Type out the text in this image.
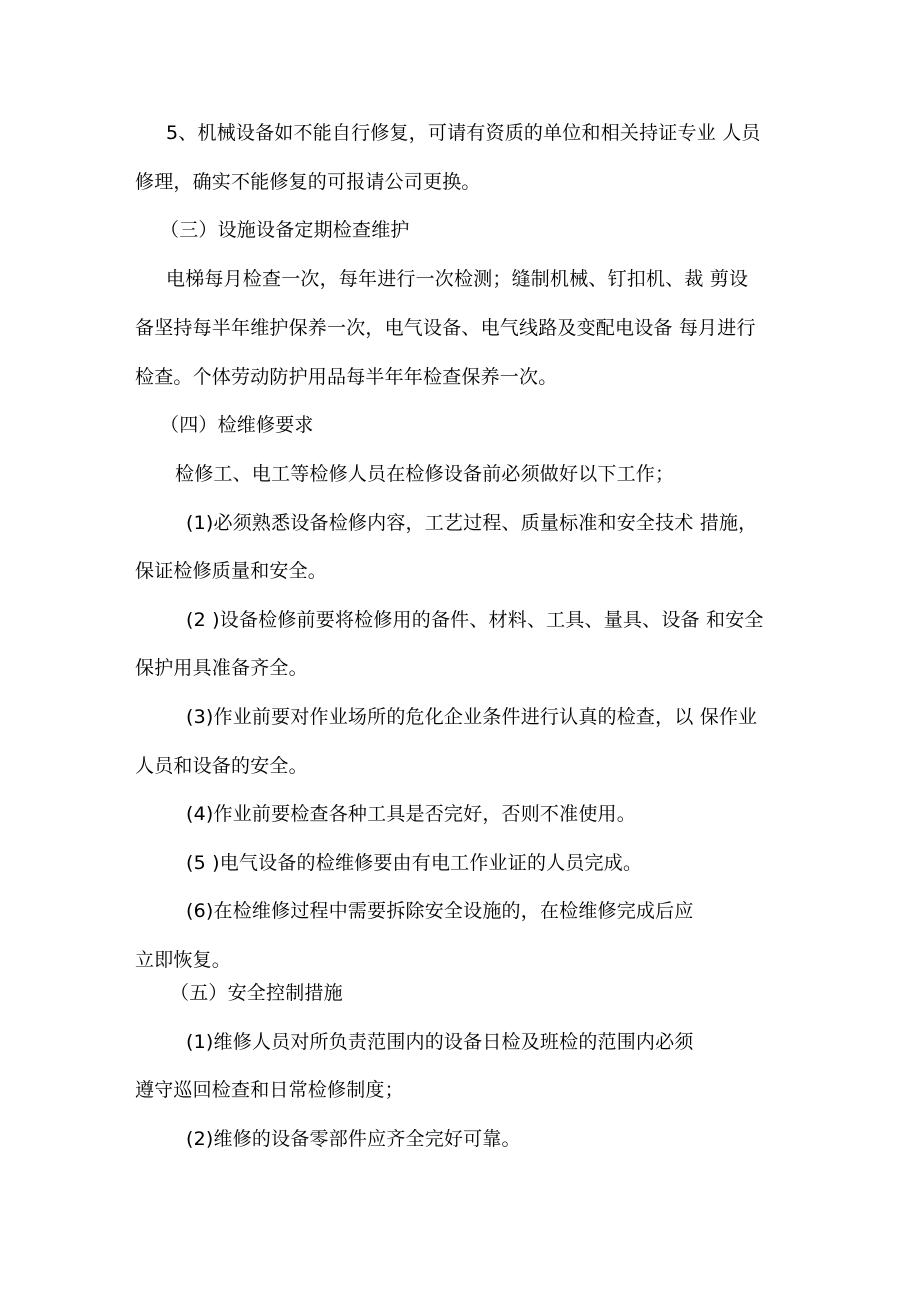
5、机械设备如不能自行修复，可请有资质的单位和相关持证专业 人员
修理，确实不能修复的可报请公司更换。
（三）设施设备定期检查维护
电梯每月检查一次，每年进行一次检测；缝制机械、钉扣机、裁 剪设
备坚持每半年维护保养一次，电气设备、电气线路及变配电设备 每月进行
检查。个体劳动防护用品每半年年检查保养一次。
（四）检维修要求
检修工、电工等检修人员在检修设备前必须做好以下工作；
(1)必须熟悉设备检修内容，工艺过程、质量标准和安全技术 措施，
保证检修质量和安全。
(2 )设备检修前要将检修用的备件、材料、工具、量具、设备 和安全
保护用具准备齐全。
(3)作业前要对作业场所的危化企业条件进行认真的检查，以 保作业
人员和设备的安全。
(4)作业前要检查各种工具是否完好，否则不准使用。
(5 )电气设备的检维修要由有电工作业证的人员完成。
(6)在检维修过程中需要拆除安全设施的，在检维修完成后应
立即恢复。
（五）安全控制措施
(1)维修人员对所负责范围内的设备日检及班检的范围内必须
遵守巡回检查和日常检修制度；
(2)维修的设备零部件应齐全完好可靠。
